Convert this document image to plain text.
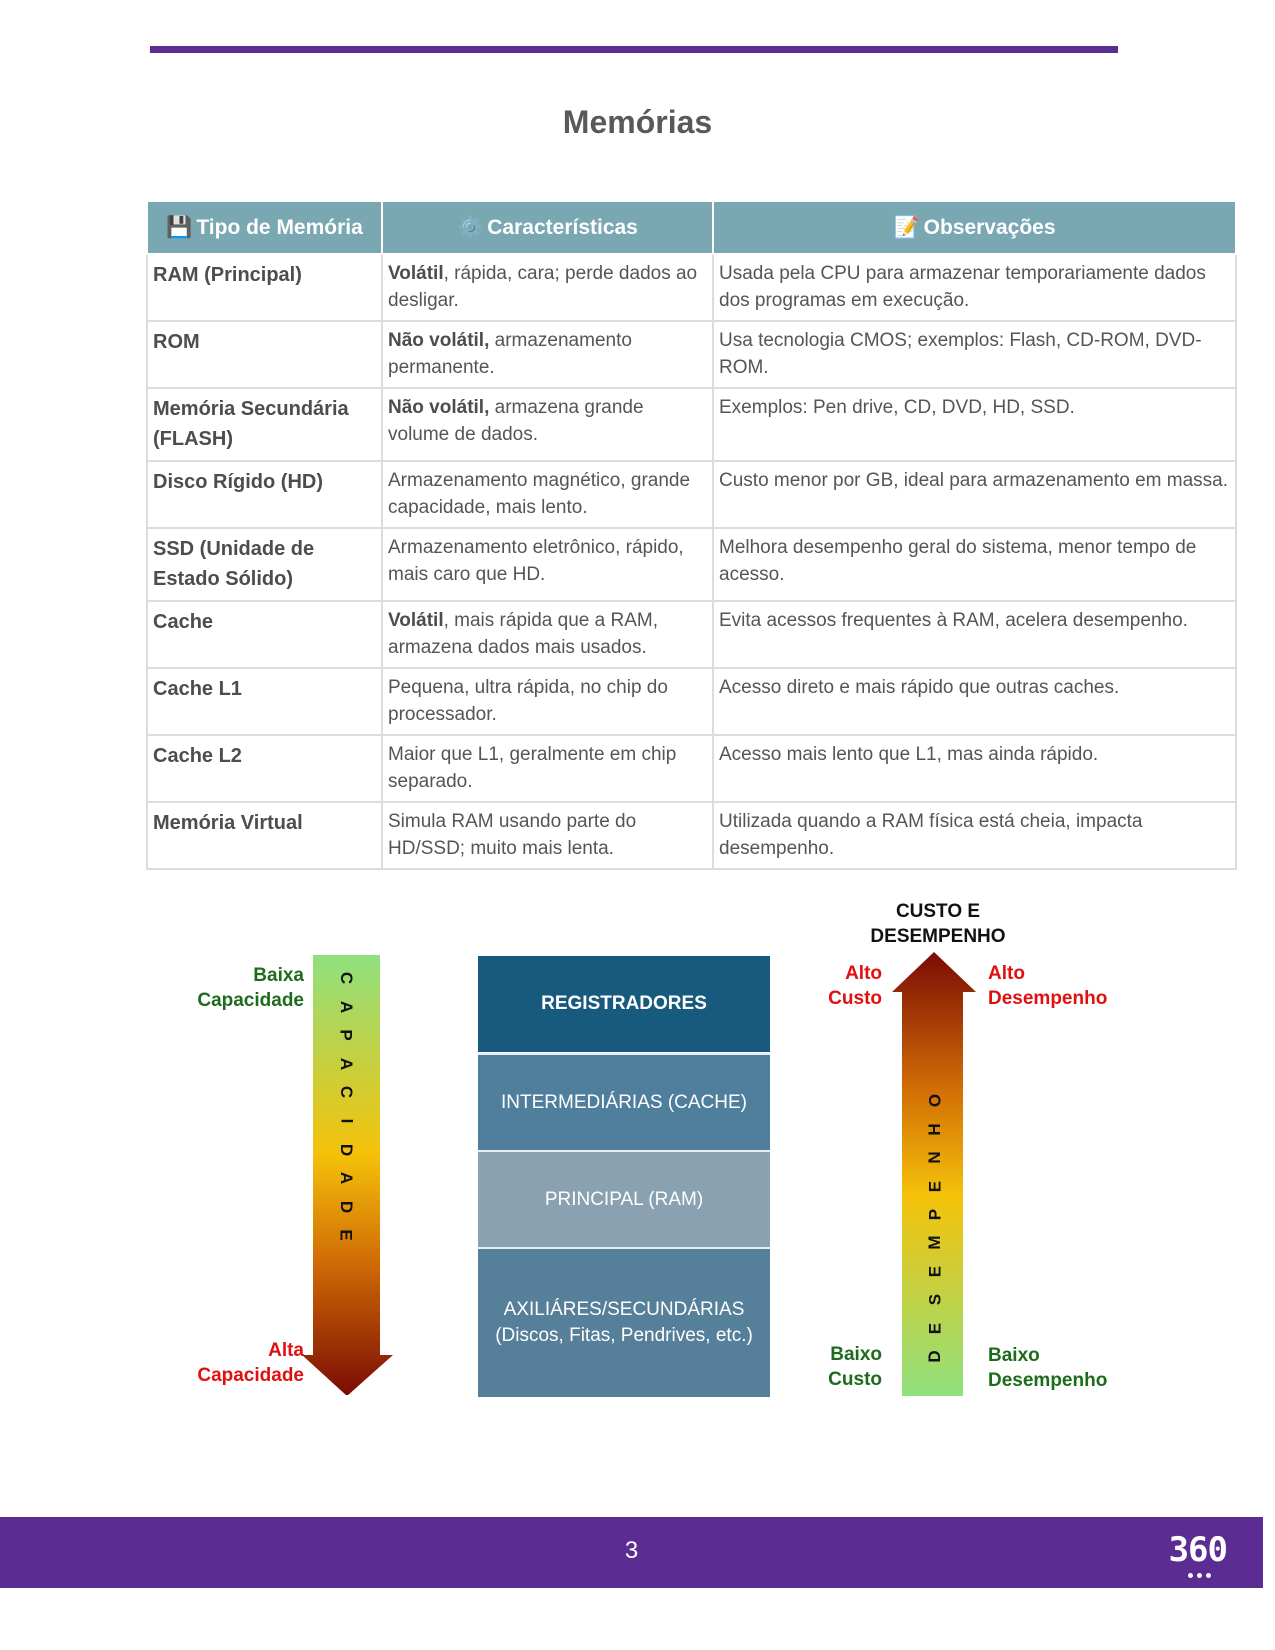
Memórias
💾 Tipo de Memória	⚙️ Características	📝 Observações
RAM (Principal)	Volátil, rápida, cara; perde dados ao desligar.	Usada pela CPU para armazenar temporariamente dados dos programas em execução.
ROM	Não volátil, armazenamento permanente.	Usa tecnologia CMOS; exemplos: Flash, CD-ROM, DVD-ROM.
Memória Secundária (FLASH)	Não volátil, armazena grande volume de dados.	Exemplos: Pen drive, CD, DVD, HD, SSD.
Disco Rígido (HD)	Armazenamento magnético, grande capacidade, mais lento.	Custo menor por GB, ideal para armazenamento em massa.
SSD (Unidade de Estado Sólido)	Armazenamento eletrônico, rápido, mais caro que HD.	Melhora desempenho geral do sistema, menor tempo de acesso.
Cache	Volátil, mais rápida que a RAM, armazena dados mais usados.	Evita acessos frequentes à RAM, acelera desempenho.
Cache L1	Pequena, ultra rápida, no chip do processador.	Acesso direto e mais rápido que outras caches.
Cache L2	Maior que L1, geralmente em chip separado.	Acesso mais lento que L1, mas ainda rápido.
Memória Virtual	Simula RAM usando parte do HD/SSD; muito mais lenta.	Utilizada quando a RAM física está cheia, impacta desempenho.
Baixa
Capacidade
Alta
Capacidade
C
A
P
A
C
I
D
A
D
E
REGISTRADORES
INTERMEDIÁRIAS (CACHE)
PRINCIPAL (RAM)
AXILIÁRES/SECUNDÁRIAS
(Discos, Fitas, Pendrives, etc.)
CUSTO E
DESEMPENHO
Alto
Custo
Alto
Desempenho
Baixo
Custo
Baixo
Desempenho
D
E
S
E
M
P
E
N
H
O
3	360
